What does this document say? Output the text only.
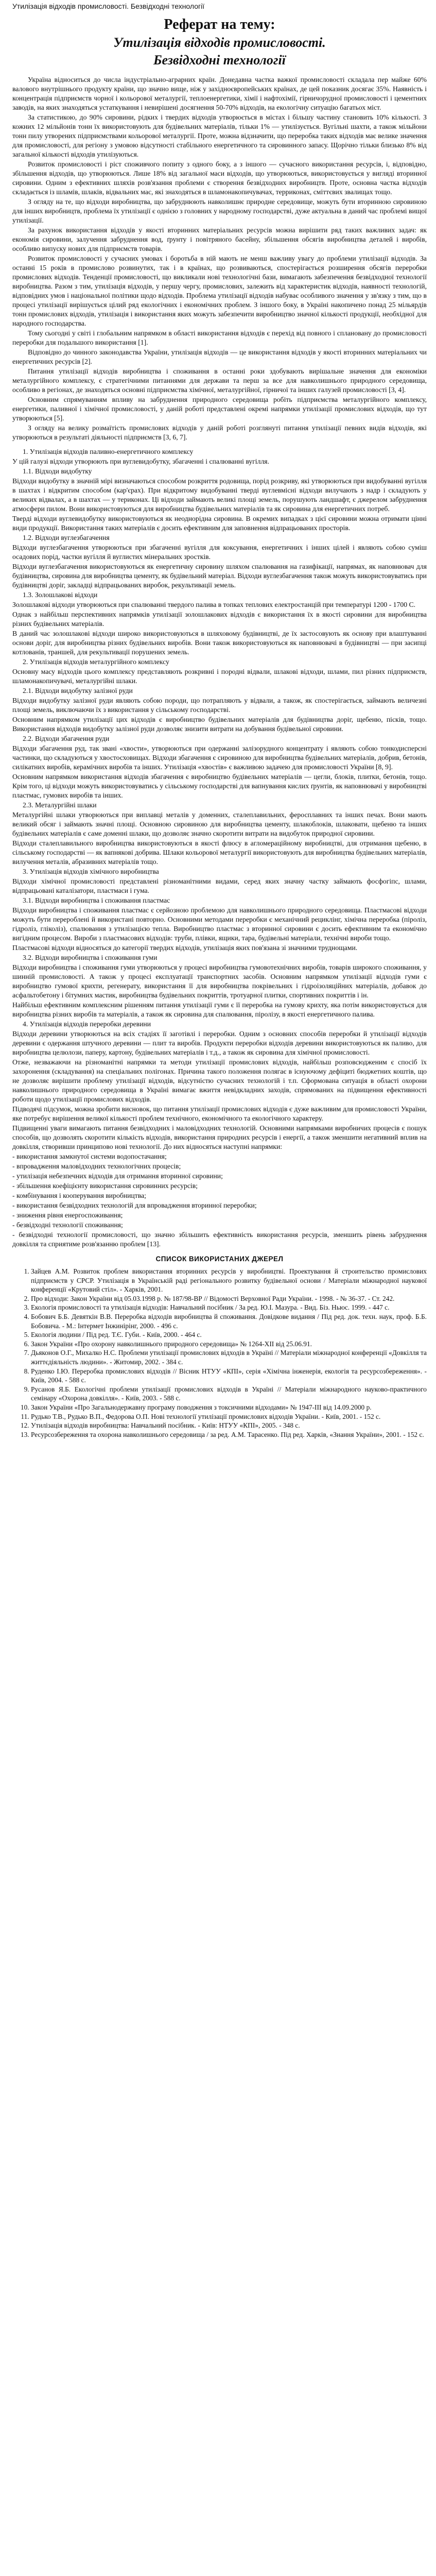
Утилізація відходів промисловості. Безвідходні технології
Реферат на тему:
Утилізація відходів промисловості.
Безвідходні технології

Україна відноситься до числа індустріально-аграрних країн. Донедавна частка важкої промисловості складала пер майже 60% валового внутрішнього продукту країни, що значно вище, ніж у західноєвропейських країнах, де цей показник досягає 35%. Наявність і концентрація підприємств чорної і кольорової металургії, теплоенергетики, хімії і нафтохімії, гірничорудної промисловості і цементних заводів, на яких знаходяться устаткування і невирішені досягнення 50-70% відходів, на екологічну ситуацію багатьох міст.

За статистикою, до 90% сировини, рідких і твердих відходів утворюється в містах і більшу частину становить 10% кількості. З кожних 12 мільйонів тонн їх використовують для будівельних матеріалів, тільки 1% — утилізується. Вугільні шахти, а також мільйони тонн пилу утворених підприємствами кольорової металургії. Проте, можна відзначити, що переробка таких відходів має велике значення для промисловості, для регіону з умовою відсутності стабільного енергетичного та сировинного запасу. Щорічно тільки близько 8% від загальної кількості відходів утилізуються.

Розвиток промисловості і ріст споживчого попиту з одного боку, а з іншого — сучасного використання ресурсів, і, відповідно, збільшення відходів, що утворюються. Лише 18% від загальної маси відходів, що утворюються, використовується у вигляді вторинної сировини. Одним з ефективних шляхів розв'язання проблеми є створення безвідходних виробництв. Проте, основна частка відходів складається із шламів, шлаків, відвальних мас, які знаходяться в шламонакопичувачах, терриконах, сміттєвих звалищах тощо.

З огляду на те, що відходи виробництва, що забруднюють навколишнє природне середовище, можуть бути вторинною сировиною для інших виробництв, проблема їх утилізації є однією з головних у народному господарстві, дуже актуальна в даний час проблемі вищої утилізації.

За рахунок використання відходів у якості вторинних матеріальних ресурсів можна вирішити ряд таких важливих задач: як економія сировини, залучення забруднення вод, ґрунту і повітряного басейну, збільшення обсягів виробництва деталей і виробів, особливо випуску нових для підприємств товарів.

Розвиток промисловості у сучасних умовах і боротьба в ній мають не менш важливу увагу до проблеми утилізації відходів. За останні 15 років в промислово розвинутих, так і в країнах, що розвиваються, спостерігається розширення обсягів переробки промислових відходів. Тенденції промисловості, що викликали нові технологічні бази, вимагають забезпечення безвідходної технології виробництва. Разом з тим, утилізація відходів, у першу чергу, промислових, залежить від характеристик відходів, наявності технологій, відповідних умов і національної політики щодо відходів. Проблема утилізації відходів набуває особливого значення у зв'язку з тим, що в процесі утилізації вирішується цілий ряд екологічних і економічних проблем. З іншого боку, в Україні накопичено понад 25 мільярдів тонн промислових відходів, утилізація і використання яких можуть забезпечити виробництво значної кількості продукції, необхідної для народного господарства.

Тому сьогодні у світі і глобальним напрямком в області використання відходів є перехід від повного і сплановану до промисловості переробки для подальшого використання [1].

Відповідно до чинного законодавства України, утилізація відходів — це використання відходів у якості вторинних матеріальних чи енергетичних ресурсів [2].

Питання утилізації відходів виробництва і споживання в останні роки здобувають вирішальне значення для економіки металургійного комплексу, є стратегічними питаннями для держави та перш за все для навколишнього природного середовища, особливо в регіонах, де знаходяться основні підприємства хімічної, металургійної, гірничої та інших галузей промисловості [3, 4].

Основним спрямуванням впливу на забруднення природного середовища робіть підприємства металургійного комплексу, енергетики, паливної і хімічної промисловості, у даній роботі представлені окремі напрямки утилізації промислових відходів, що тут утворюються [5].

З огляду на велику розмаїтість промислових відходів у даній роботі розглянуті питання утилізації певних видів відходів, які утворюються в результаті діяльності підприємств [3, 6, 7].

1. Утилізація відходів паливно-енергетичного комплексу

У цій галузі відходи утворюють при вуглевидобутку, збагаченні і спалюванні вугілля.

1.1. Відходи видобутку

Відходи видобутку в значній мірі визначаються способом розкриття родовища, порід розкриву, які утворюються при видобуванні вугілля в шахтах і відкритим способом (кар'єрах). При відкритому видобуванні тверді вуглевмісні відходи вилучають з надр і складують у великих відвалах, а в шахтах — у териконах. Ці відходи займають великі площі земель, порушують ландшафт, є джерелом забруднення атмосфери пилом. Вони використовуються для виробництва будівельних матеріалів та як сировина для енергетичних потреб.

Тверді відходи вуглевидобутку використовуються як неоднорідна сировина. В окремих випадках з цієї сировини можна отримати цінні види продукції. Використання таких матеріалів є досить ефективним для заповнення відпрацьованих просторів.

1.2. Відходи вуглезбагачення

Відходи вуглезбагачення утворюються при збагаченні вугілля для коксування, енергетичних і інших цілей і являють собою суміш осадових порід, частки вугілля й вуглистих мінеральних зростків.

Відходи вуглезбагачення використовуються як енергетичну сировину шляхом спалювання на газифікації, напрямах, як наповнювач для будівництва, сировина для виробництва цементу, як будівельний матеріал. Відходи вуглезбагачення також можуть використовуватись при будівництві доріг, закладці відпрацьованих виробок, рекультивації земель.

1.3. Золошлакові відходи

Золошлакові відходи утворюються при спалюванні твердого палива в топках теплових електростанцій при температурі 1200 - 1700 С.

Однак з найбільш перспективних напрямків утилізації золошлакових відходів є використання їх в якості сировини для виробництва різних будівельних матеріалів.

В даний час золошлакові відходи широко використовуються в шляховому будівництві, де їх застосовують як основу при влаштуванні основи доріг, для виробництва різних будівельних виробів. Вони також використовуються як наповнювачі в будівництві — при засипці котлованів, траншей, для рекультивації порушених земель.

2. Утилізація відходів металургійного комплексу

Основну масу відходів цього комплексу представляють розкривні і породні відвали, шлакові відходи, шлами, пил різних підприємств, шламонакопичувачі, металургійні шлаки.

2.1. Відходи видобутку залізної руди

Відходи видобутку залізної руди являють собою породи, що потрапляють у відвали, а також, як спостерігається, займають величезні площі земель, виключаючи їх з використання у сільському господарстві.

Основним напрямком утилізації цих відходів є виробництво будівельних матеріалів для будівництва доріг, щебеню, пісків, тощо. Використання відходів видобутку залізної руди дозволяє знизити витрати на добування будівельної сировини.

2.2. Відходи збагачення руди

Відходи збагачення руд, так звані «хвости», утворюються при одержанні залізорудного концентрату і являють собою тонкодисперсні частинки, що складуються у хвостосховищах. Відходи збагачення є сировиною для виробництва будівельних матеріалів, добрив, бетонів, силікатних виробів, керамічних виробів та інших. Утилізація «хвостів» є важливою задачею для промисловості України [8, 9].

Основним напрямком використання відходів збагачення є виробництво будівельних матеріалів — цегли, блоків, плитки, бетонів, тощо. Крім того, ці відходи можуть використовуватись у сільському господарстві для вапнування кислих ґрунтів, як наповнювачі у виробництві пластмас, гумових виробів та інших.

2.3. Металургійні шлаки

Металургійні шлаки утворюються при виплавці металів у доменних, сталеплавильних, феросплавних та інших печах. Вони мають великий обсяг і займають значні площі. Основною сировиною для виробництва цементу, шлакоблоків, шлаковати, щебеню та інших будівельних матеріалів є саме доменні шлаки, що дозволяє значно скоротити витрати на видобуток природної сировини.

Відходи сталеплавильного виробництва використовуються в якості флюсу в агломераційному виробництві, для отримання щебеню, в сільському господарстві — як вапнякові добрива. Шлаки кольорової металургії використовують для виробництва будівельних матеріалів, вилучення металів, абразивних матеріалів тощо.

3. Утилізація відходів хімічного виробництва

Відходи хімічної промисловості представлені різноманітними видами, серед яких значну частку займають фосфогіпс, шлами, відпрацьовані каталізатори, пластмаси і гума.

3.1. Відходи виробництва і споживання пластмас

Відходи виробництва і споживання пластмас є серйозною проблемою для навколишнього природного середовища. Пластмасові відходи можуть бути перероблені й використані повторно. Основними методами переробки є механічний рециклінг, хімічна переробка (піроліз, гідроліз, гліколіз), спалювання з утилізацією тепла. Виробництво пластмас з вторинної сировини є досить ефективним та економічно вигідним процесом. Вироби з пластмасових відходів: труби, плівки, ящики, тара, будівельні матеріали, технічні вироби тощо.

Пластмасові відходи відносяться до категорії твердих відходів, утилізація яких пов'язана зі значними труднощами.

3.2. Відходи виробництва і споживання гуми

Відходи виробництва і споживання гуми утворюються у процесі виробництва гумовотехнічних виробів, товарів широкого споживання, у шинній промисловості. А також у процесі експлуатації транспортних засобів. Основним напрямком утилізації відходів гуми є виробництво гумової крихти, регенерату, використання її для виробництва покрівельних і гідроізоляційних матеріалів, добавок до асфальтобетону і бітумних мастик, виробництва будівельних покриттів, тротуарної плитки, спортивних покриттів і ін.

Найбільш ефективним комплексним рішенням питання утилізації гуми є її переробка на гумову крихту, яка потім використовується для виробництва різних виробів та матеріалів, а також як сировина для спалювання, піролізу, в якості енергетичного палива.

4. Утилізація відходів переробки деревини

Відходи деревини утворюються на всіх стадіях її заготівлі і переробки. Одним з основних способів переробки й утилізації відходів деревини є одержання штучного деревини — плит та виробів. Продукти переробки відходів деревини використовуються як паливо, для виробництва целюлози, паперу, картону, будівельних матеріалів і т.д., а також як сировина для хімічної промисловості.

Отже, незважаючи на різноманітні напрямки та методи утилізації промислових відходів, найбільш розповсюдженим є спосіб їх захоронення (складування) на спеціальних полігонах. Причина такого положення полягає в існуючому дефіциті бюджетних коштів, що не дозволяє вирішити проблему утилізації відходів, відсутністю сучасних технологій і т.п. Сформована ситуація в області охорони навколишнього природного середовища в Україні вимагає вжиття невідкладних заходів, спрямованих на підвищення ефективності роботи щодо утилізації промислових відходів.

Підводячі підсумок, можна зробити висновок, що питання утилізації промислових відходів є дуже важливим для промисловості України, яке потребує вирішення великої кількості проблем технічного, економічного та екологічного характеру.

Підвищенні уваги вимагають питання безвідходних і маловідходних технологій. Основними напрямками виробничих процесів є пошук способів, що дозволять скоротити кількість відходів, використання природних ресурсів і енергії, а також зменшити негативний вплив на довкілля, створивши принципово нові технології. До них відносяться наступні напрямки:

- використання замкнутої системи водопостачання;

- впровадження маловідходних технологічних процесів;

- утилізація небезпечних відходів для отримання вторинної сировини;

- збільшення коефіцієнту використання сировинних ресурсів;

- комбінування і кооперування виробництва;

- використання безвідходних технологій для впровадження вторинної переробки;

- зниження рівня енергоспоживання;

- безвідходні технології споживання;

- безвідходні технології промисловості, що значно збільшить ефективність використання ресурсів, зменшить рівень забруднення довкілля та сприятиме розв'язанню проблем [13].

СПИСОК ВИКОРИСТАНИХ ДЖЕРЕЛ
1. Зайцев А.М. Розвиток проблем використання вторинних ресурсів у виробництві. Проектування й строительство промислових підприємств у СРСР. Утилізація в Українській раді регіонального розвитку будівельної основи / Матеріали міжнародної наукової конференції «Крутовий стіл». - Харків, 2001.
2. Про відходи: Закон України від 05.03.1998 р. № 187/98-ВР // Відомості Верховної Ради України. - 1998. - № 36-37. - Ст. 242.
3. Екологія промисловості та утилізація відходів: Навчальний посібник / За ред. Ю.І. Мазура. - Вид. Біз. Ньюс. 1999. - 447 с.
4. Бобович Б.Б. Девяткін В.В. Переробка відходів виробництва й споживання. Довідкове видання / Під ред. док. техн. наук, проф. Б.Б. Бобовича. - М.: Інтермет Інжинірінг, 2000. - 496 с.
5. Екологія людини / Під ред. Т.Є. Губи. - Київ, 2000. - 464 с.
6. Закон України «Про охорону навколишнього природного середовища» № 1264-XII від 25.06.91.
7. Дьяконов О.Г., Михалко Н.С. Проблеми утилізації промислових відходів в Україні // Матеріали міжнародної конференції «Довкілля та життєдіяльність людини». - Житомир, 2002. - 384 с.
8. Руденко І.Ю. Переробка промислових відходів // Вісник НТУУ «КПІ», серія «Хімічна інженерія, екологія та ресурсозбереження». - Київ, 2004. - 588 с.
9. Русанов Я.Б. Екологічні проблеми утилізації промислових відходів в Україні // Матеріали міжнародного науково-практичного семінару «Охорона довкілля». - Київ, 2003. - 588 с.
10. Закон України «Про Загальнодержавну програму поводження з токсичними відходами» № 1947-III від 14.09.2000 р.
11. Рудько Т.В., Рудько В.П., Федорова О.П. Нові технології утилізації промислових відходів України. - Київ, 2001. - 152 с.
12. Утилізація відходів виробництва: Навчальний посібник. - Київ: НТУУ «КПІ», 2005. - 348 с.
13. Ресурсозбереження та охорона навколишнього середовища / за ред. А.М. Тарасенко. Під ред. Харків, «Знання України», 2001. - 152 с.
